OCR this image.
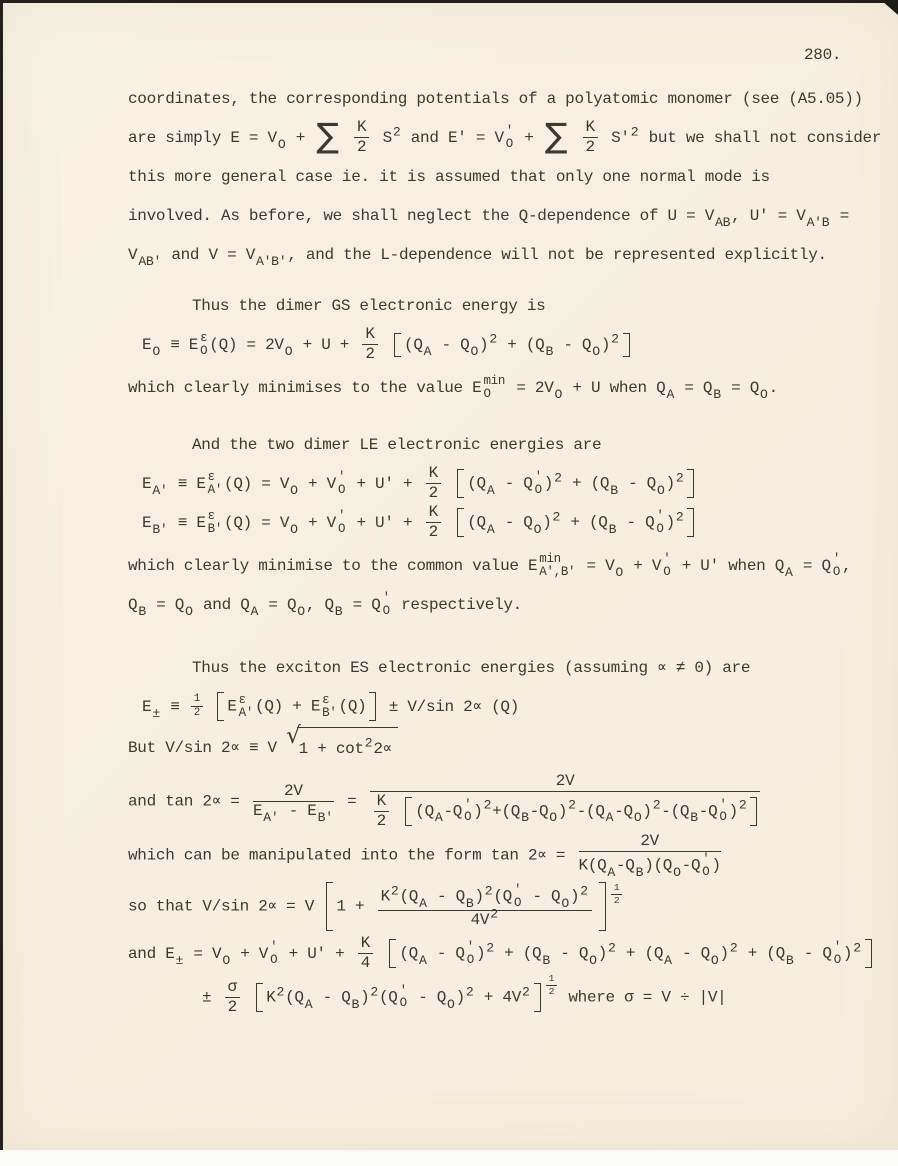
280.
coordinates, the corresponding potentials of a polyatomic monomer (see (A5.05))
are simply E = VO + ∑ $\frac{K}{2} S2$ and E' = V '
O + ∑ $\frac{K}{2} S'2$ but we shall not consider
this more general case ie. it is assumed that only one normal mode is
involved. As before, we shall neglect the Q-dependence of U = VAB, U' = VA'B =
VAB' and V = VA'B', and the L-dependence will not be represented explicitly.
Thus the dimer GS electronic energy is
EO ≡ E ε
O $(Q) = 2VO + U + \frac{K}{2}$
(QA - QO)2 + (QB - QO)2
which clearly minimises to the value E min
O	= 2VO + U when QA = QB = QO.
And the two dimer LE electronic energies are
EA' ≡ E ε
A' (Q) = VO + V '
$O + U' + \frac{K}{2}$
(QA - Q '
O )2 + (QB - QO)2
EB' ≡ E ε
B' (Q) = VO + V '
$O + U' + \frac{K}{2}$
(QA - QO)2 + (QB - Q '
O )2
which clearly minimise to the common value E min
A',B' = VO + V '
O + U' when QA = Q '
O ,
QB = QO and QA = QO, QB = Q '
O respectively.
Thus the exciton ES electronic energies (assuming ∝ ≠ 0) are
$E\pm \equiv \frac{1}{2}$
E ε
A' (Q) + E ε
B' (Q) ± V/sin 2∝ (Q)
But V/sin 2∝ ≡ V √1 + cot22∝
and $\tan 2\propto = \frac{2V}{EA' - EB'} = 2V$
$\frac{K}{2}$
(QA-Q '
O )2+(QB-QO)2-(QA-QO)2-(QB-Q '
O )2
which can be manipulated into the form tan 2∝ = 2V
K(QA-QB)(QO-Q '
O )
so that V/sin 2∝ = V 1 + K2(QA - QB)2(Q '
O - QO)2
$4V2 \frac{1}{2}$
and E± = VO + V '
$O + U' + \frac{K}{4}$
(QA - Q '
O )2 + (QB - QO)2 + (QA - QO)2 + (QB - Q '
O )2
± $\frac{\sigma}{2}$
K2(QA - QB)2(Q '
$O - QO)2 + 4V2 \frac{1}{2}$
where σ = V ÷ |V|
